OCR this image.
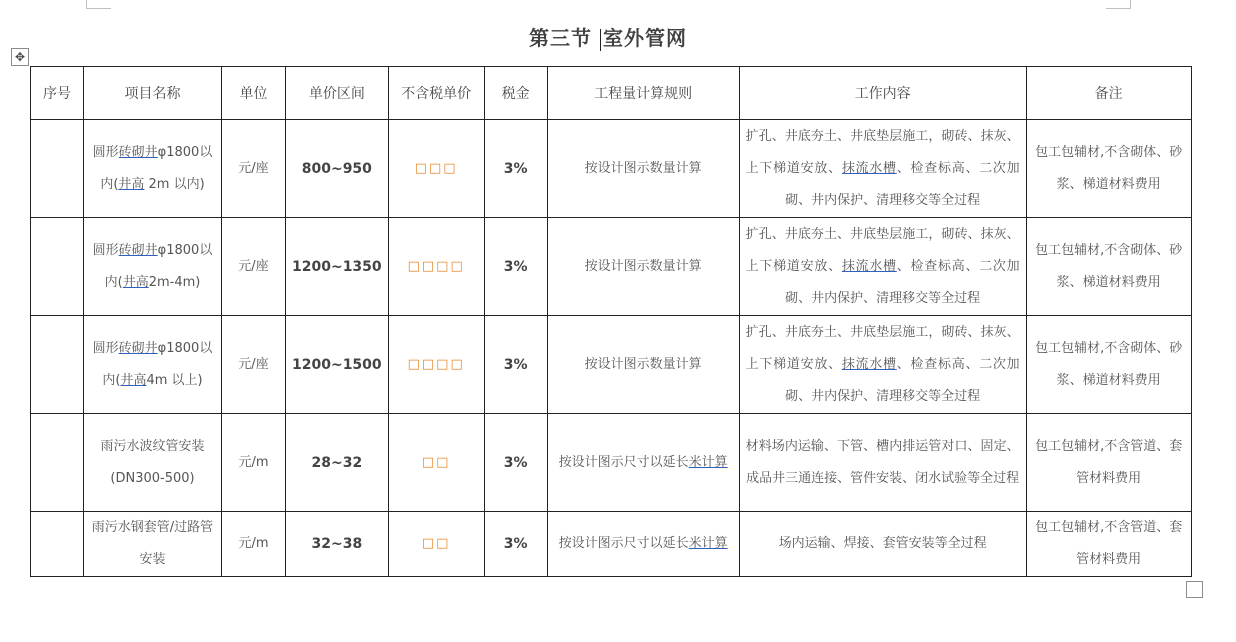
第三节 室外管网
✥
序号	项目名称	单位	单价区间	不含税单价	税金	工程量计算规则	工作内容	备注
	圆形砖砌井φ1800以内(井高 2m 以内)	元/座	800~950	□□□	3%	按设计图示数量计算	扩孔、井底夯土、井底垫层施工，砌砖、抹灰、上下梯道安放、抹流水槽、检查标高、二次加砌、井内保护、清理移交等全过程	包工包辅材,不含砌体、砂浆、梯道材料费用
	圆形砖砌井φ1800以内(井高2m-4m)	元/座	1200~1350	□□□□	3%	按设计图示数量计算	扩孔、井底夯土、井底垫层施工，砌砖、抹灰、上下梯道安放、抹流水槽、检查标高、二次加砌、井内保护、清理移交等全过程	包工包辅材,不含砌体、砂浆、梯道材料费用
	圆形砖砌井φ1800以内(井高4m 以上)	元/座	1200~1500	□□□□	3%	按设计图示数量计算	扩孔、井底夯土、井底垫层施工，砌砖、抹灰、上下梯道安放、抹流水槽、检查标高、二次加砌、井内保护、清理移交等全过程	包工包辅材,不含砌体、砂浆、梯道材料费用
	雨污水波纹管安装(DN300-500)	元/m	28~32	□□	3%	按设计图示尺寸以延长米计算	材料场内运输、下管、槽内排运管对口、固定、成品井三通连接、管件安装、闭水试验等全过程	包工包辅材,不含管道、套管材料费用
	雨污水钢套管/过路管安装	元/m	32~38	□□	3%	按设计图示尺寸以延长米计算	场内运输、焊接、套管安装等全过程	包工包辅材,不含管道、套管材料费用
